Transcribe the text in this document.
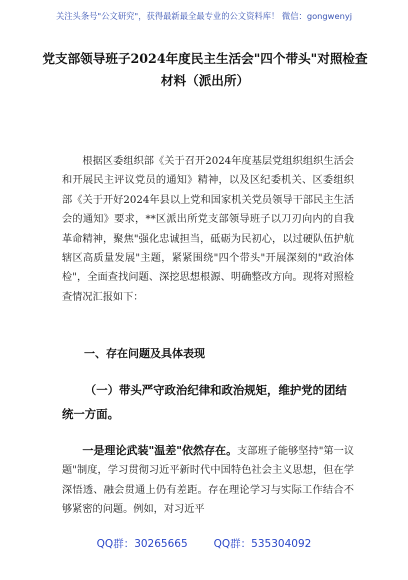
关注头条号"公文研究"，获得最新最全最专业的公文资料库！ 微信：gongwenyj
党支部领导班子2024年度民主生活会"四个带头"对照检查材料（派出所）
根据区委组织部《关于召开2024年度基层党组织组织生活会和开展民主评议党员的通知》精神，以及区纪委机关、区委组织部《关于开好2024年县以上党和国家机关党员领导干部民主生活会的通知》要求，**区派出所党支部领导班子以刀刃向内的自我革命精神，聚焦"强化忠诚担当，砥砺为民初心，以过硬队伍护航辖区高质量发展"主题，紧紧围绕"四个带头"开展深刻的"政治体检"，全面查找问题、深挖思想根源、明确整改方向。现将对照检查情况汇报如下：
一、存在问题及具体表现
（一）带头严守政治纪律和政治规矩，维护党的团结统一方面。
一是理论武装"温差"依然存在。支部班子能够坚持"第一议题"制度，学习贯彻习近平新时代中国特色社会主义思想，但在学深悟透、融会贯通上仍有差距。存在理论学习与实际工作结合不够紧密的问题。例如，对习近平
QQ群：30265665 QQ群：535304092
